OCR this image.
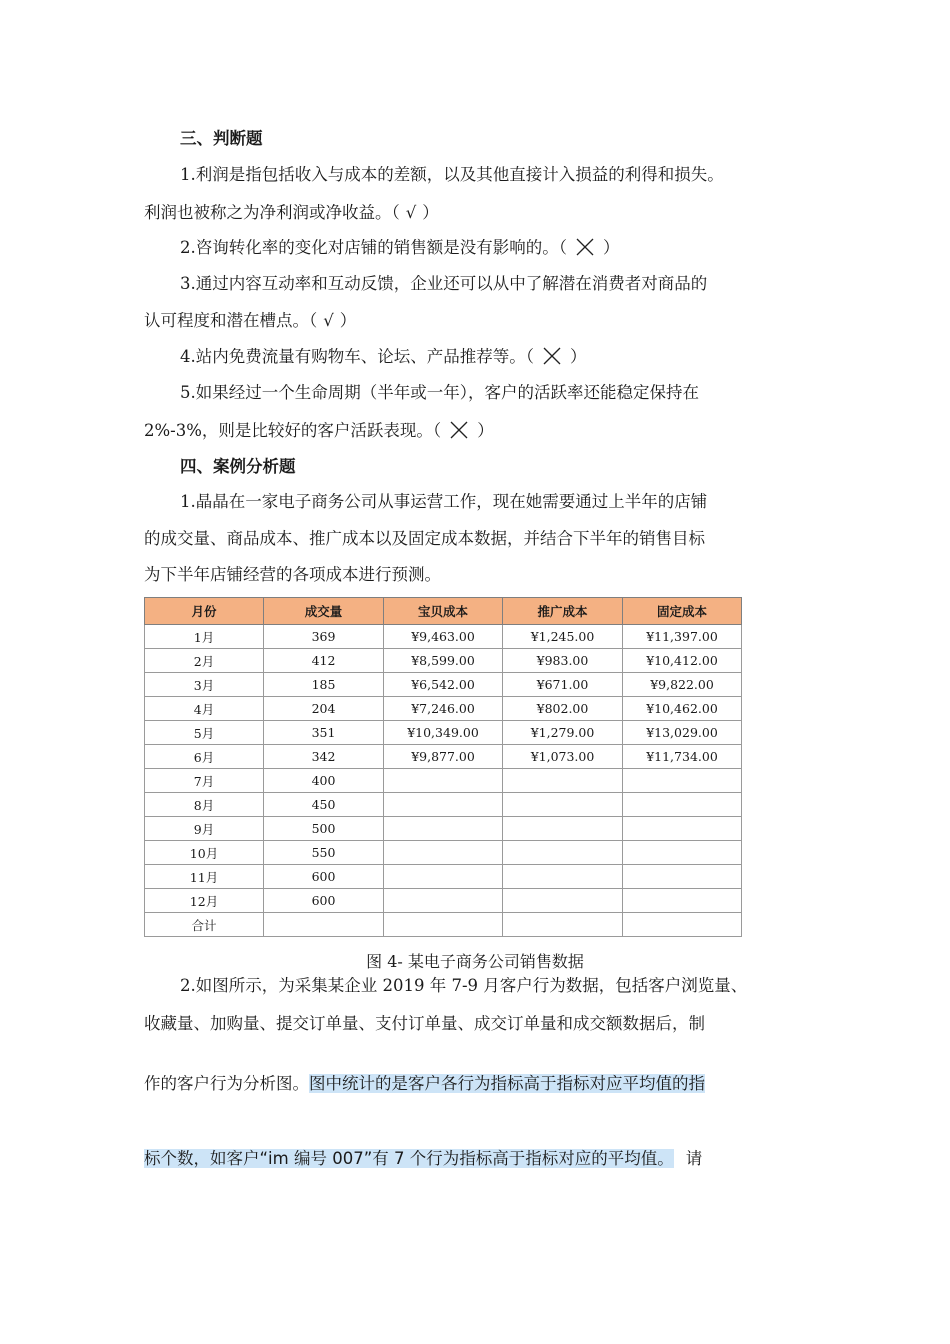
三、判断题
1.利润是指包括收入与成本的差额，以及其他直接计入损益的利得和损失。
利润也被称之为净利润或净收益。（ √ ）
2.咨询转化率的变化对店铺的销售额是没有影响的。（ ）
3.通过内容互动率和互动反馈，企业还可以从中了解潜在消费者对商品的
认可程度和潜在槽点。（ √ ）
4.站内免费流量有购物车、论坛、产品推荐等。（ ）
5.如果经过一个生命周期（半年或一年），客户的活跃率还能稳定保持在
2%-3%，则是比较好的客户活跃表现。（ ）
四、案例分析题
1.晶晶在一家电子商务公司从事运营工作，现在她需要通过上半年的店铺
的成交量、商品成本、推广成本以及固定成本数据，并结合下半年的销售目标
为下半年店铺经营的各项成本进行预测。
月份	成交量	宝贝成本	推广成本	固定成本
1月	369	¥9,463.00	¥1,245.00	¥11,397.00
2月	412	¥8,599.00	¥983.00	¥10,412.00
3月	185	¥6,542.00	¥671.00	¥9,822.00
4月	204	¥7,246.00	¥802.00	¥10,462.00
5月	351	¥10,349.00	¥1,279.00	¥13,029.00
6月	342	¥9,877.00	¥1,073.00	¥11,734.00
7月	400			
8月	450			
9月	500			
10月	550			
11月	600			
12月	600			
合计				
图 4- 某电子商务公司销售数据
2.如图所示，为采集某企业 2019 年 7-9 月客户行为数据，包括客户浏览量、
收藏量、加购量、提交订单量、支付订单量、成交订单量和成交额数据后，制
作的客户行为分析图。图中统计的是客户各行为指标高于指标对应平均值的指
标个数，如客户“im 编号 007”有 7 个行为指标高于指标对应的平均值。 请
